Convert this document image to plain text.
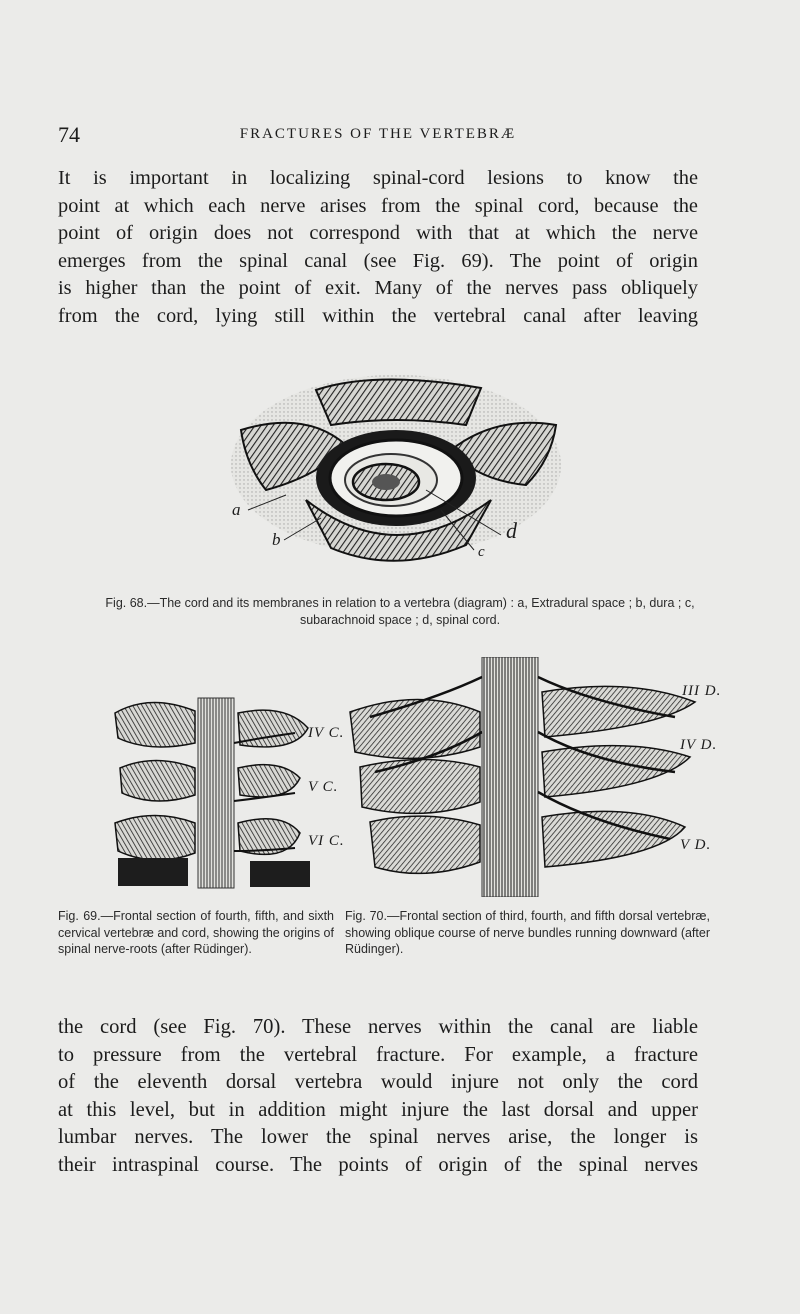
74	FRACTURES OF THE VERTEBRÆ

It is important in localizing spinal-cord lesions to know the
point at which each nerve arises from the spinal cord, because the
point of origin does not correspond with that at which the nerve
emerges from the spinal canal (see Fig. 69). The point of origin
is higher than the point of exit. Many of the nerves pass obliquely
from the cord, lying still within the vertebral canal after leaving

a
b
c
d
Fig. 68.—The cord and its membranes in relation to a vertebra (diagram) : a, Extradural space ; b, dura ; c, subarachnoid space ; d, spinal cord.
IV C.
V C.
VI C.
III D.
IV D.
V D.
Fig. 69.—Frontal section of fourth, fifth, and sixth cervical vertebræ and cord, showing the origins of spinal nerve-roots (after Rüdinger).
Fig. 70.—Frontal section of third, fourth, and fifth dorsal vertebræ, showing oblique course of nerve bundles running downward (after Rüdinger).

the cord (see Fig. 70). These nerves within the canal are liable
to pressure from the vertebral fracture. For example, a fracture
of the eleventh dorsal vertebra would injure not only the cord
at this level, but in addition might injure the last dorsal and upper
lumbar nerves. The lower the spinal nerves arise, the longer is
their intraspinal course. The points of origin of the spinal nerves
